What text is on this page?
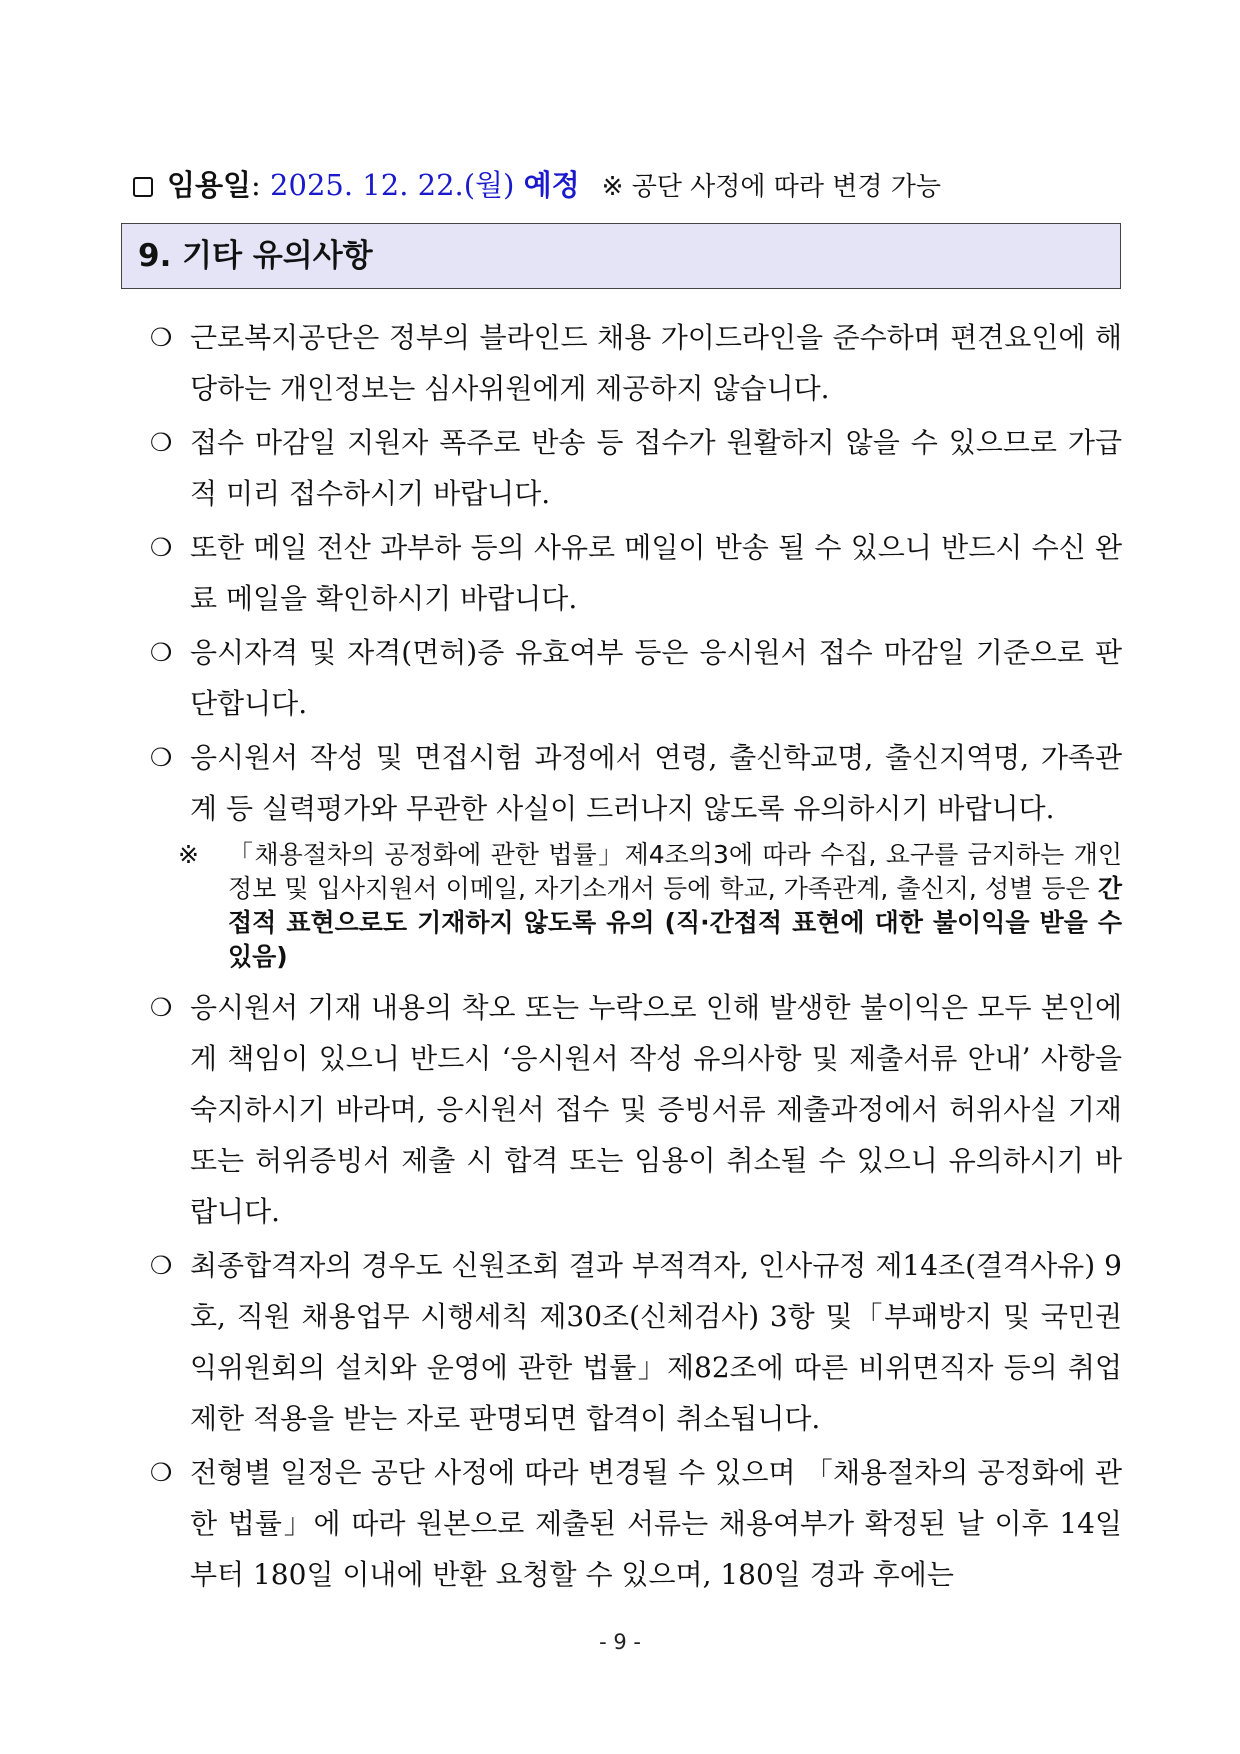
임용일: 2025. 12. 22.(월) 예정 ※ 공단 사정에 따라 변경 가능
9. 기타 유의사항
❍ 근로복지공단은 정부의 블라인드 채용 가이드라인을 준수하며 편견요인에 해당하는 개인정보는 심사위원에게 제공하지 않습니다.
❍ 접수 마감일 지원자 폭주로 반송 등 접수가 원활하지 않을 수 있으므로 가급적 미리 접수하시기 바랍니다.
❍ 또한 메일 전산 과부하 등의 사유로 메일이 반송 될 수 있으니 반드시 수신 완료 메일을 확인하시기 바랍니다.
❍ 응시자격 및 자격(면허)증 유효여부 등은 응시원서 접수 마감일 기준으로 판단합니다.
❍ 응시원서 작성 및 면접시험 과정에서 연령, 출신학교명, 출신지역명, 가족관계 등 실력평가와 무관한 사실이 드러나지 않도록 유의하시기 바랍니다.
※ 「채용절차의 공정화에 관한 법률」제4조의3에 따라 수집, 요구를 금지하는 개인정보 및 입사지원서 이메일, 자기소개서 등에 학교, 가족관계, 출신지, 성별 등은 간접적 표현으로도 기재하지 않도록 유의 (직·간접적 표현에 대한 불이익을 받을 수 있음)
❍ 응시원서 기재 내용의 착오 또는 누락으로 인해 발생한 불이익은 모두 본인에게 책임이 있으니 반드시 ‘응시원서 작성 유의사항 및 제출서류 안내’ 사항을 숙지하시기 바라며, 응시원서 접수 및 증빙서류 제출과정에서 허위사실 기재 또는 허위증빙서 제출 시 합격 또는 임용이 취소될 수 있으니 유의하시기 바랍니다.
❍ 최종합격자의 경우도 신원조회 결과 부적격자, 인사규정 제14조(결격사유) 9호, 직원 채용업무 시행세칙 제30조(신체검사) 3항 및「부패방지 및 국민권익위원회의 설치와 운영에 관한 법률」제82조에 따른 비위면직자 등의 취업제한 적용을 받는 자로 판명되면 합격이 취소됩니다.
❍ 전형별 일정은 공단 사정에 따라 변경될 수 있으며 「채용절차의 공정화에 관한 법률」에 따라 원본으로 제출된 서류는 채용여부가 확정된 날 이후 14일부터 180일 이내에 반환 요청할 수 있으며, 180일 경과 후에는
- 9 -
